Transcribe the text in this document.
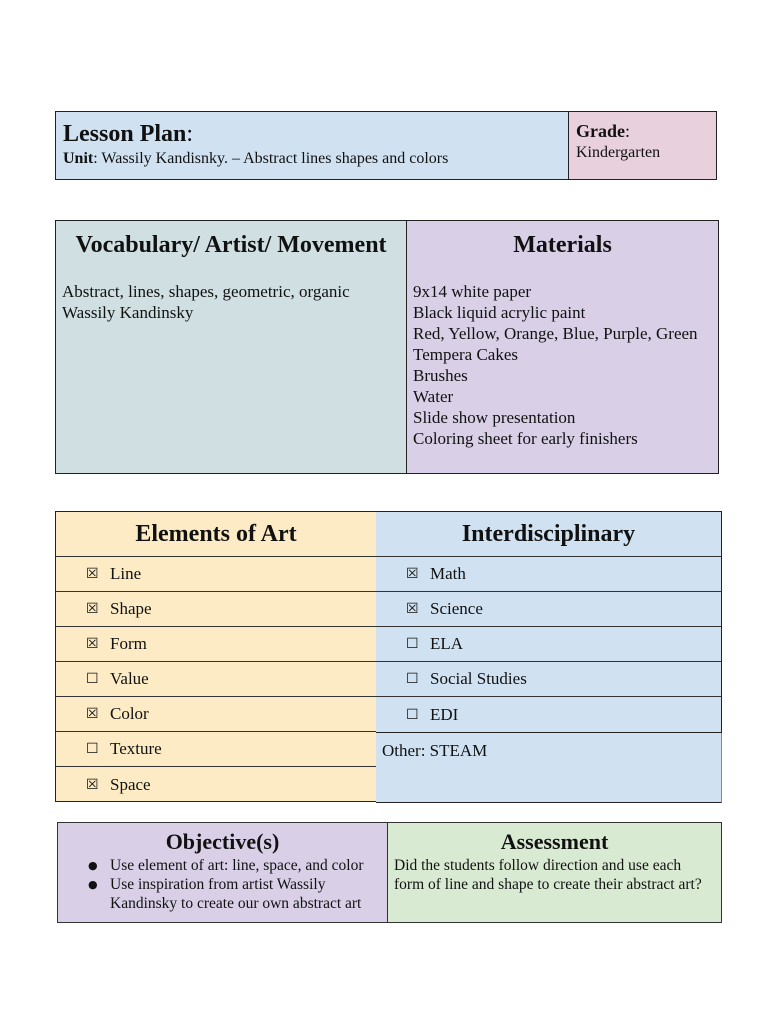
Lesson Plan:
Unit: Wassily Kandisnky. – Abstract lines shapes and colors
Grade:
Kindergarten
Vocabulary/ Artist/ Movement
Abstract, lines, shapes, geometric, organic
Wassily Kandinsky
Materials
9x14 white paper
Black liquid acrylic paint
Red, Yellow, Orange, Blue, Purple, Green
Tempera Cakes
Brushes
Water
Slide show presentation
Coloring sheet for early finishers
Elements of Art
☒ Line
☒ Shape
☒ Form
☐ Value
☒ Color
☐ Texture
☒ Space
Interdisciplinary
☒ Math
☒ Science
☐ ELA
☐ Social Studies
☐ EDI
Other: STEAM
Objective(s)
● Use element of art: line, space, and color
● Use inspiration from artist Wassily Kandinsky to create our own abstract art
Assessment
Did the students follow direction and use each form of line and shape to create their abstract art?
